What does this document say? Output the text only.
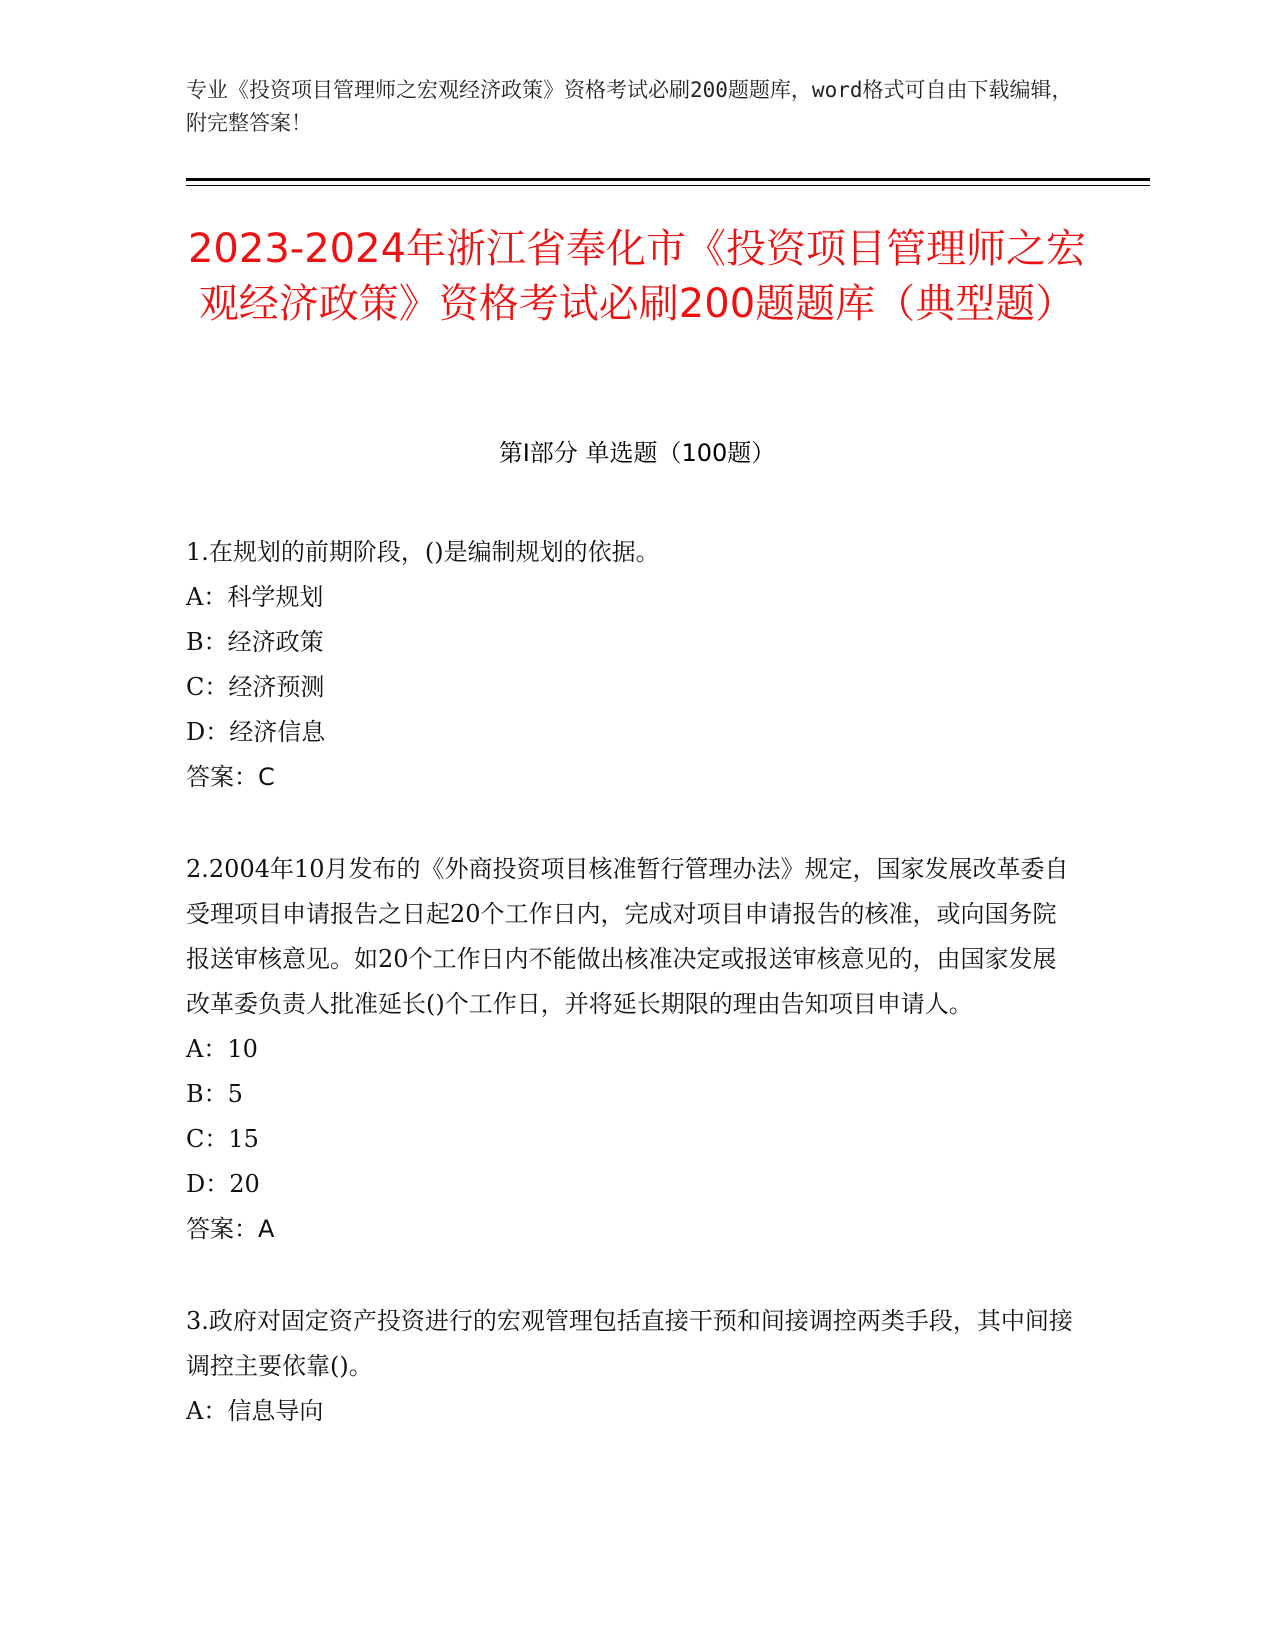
专业《投资项目管理师之宏观经济政策》资格考试必刷200题题库，word格式可自由下载编辑，附完整答案！
2023-2024年浙江省奉化市《投资项目管理师之宏观经济政策》资格考试必刷200题题库（典型题）
第Ⅰ部分 单选题（100题）

1.在规划的前期阶段，()是编制规划的依据。

A：科学规划

B：经济政策

C：经济预测

D：经济信息

答案：C

2.2004年10月发布的《外商投资项目核准暂行管理办法》规定，国家发展改革委自受理项目申请报告之日起20个工作日内，完成对项目申请报告的核准，或向国务院报送审核意见。如20个工作日内不能做出核准决定或报送审核意见的，由国家发展改革委负责人批准延长()个工作日，并将延长期限的理由告知项目申请人。

A：10

B：5

C：15

D：20

答案：A

3.政府对固定资产投资进行的宏观管理包括直接干预和间接调控两类手段，其中间接调控主要依靠()。

A：信息导向
